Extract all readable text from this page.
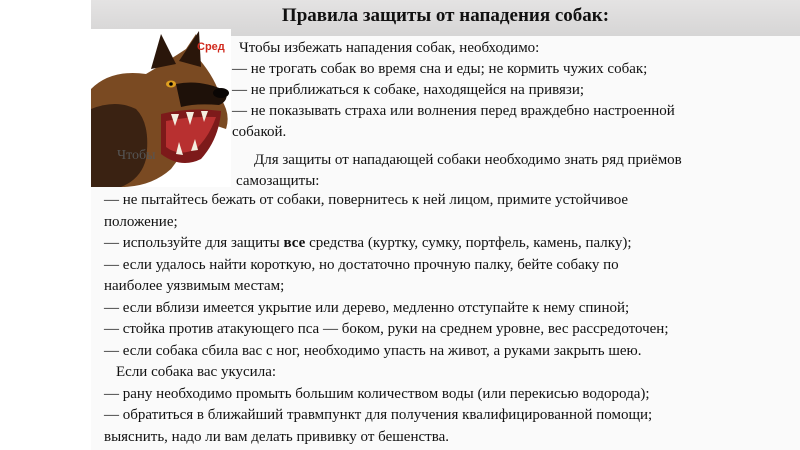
Правила защиты от нападения собак:
Сред
Чтобы

Чтобы избежать нападения собак, необходимо:

— не трогать собак во время сна и еды; не кормить чужих собак;

— не приближаться к собаке, находящейся на привязи;

— не показывать страха или волнения перед враждебно настроенной

собакой.

Для защиты от нападающей собаки необходимо знать ряд приёмов

самозащиты:

— не пытайтесь бежать от собаки, повернитесь к ней лицом, примите устойчивое

положение;

— используйте для защиты все средства (куртку, сумку, портфель, камень, палку);

— если удалось найти короткую, но достаточно прочную палку, бейте собаку по

наиболее уязвимым местам;

— если вблизи имеется укрытие или дерево, медленно отступайте к нему спиной;

— стойка против атакующего пса — боком, руки на среднем уровне, вес рассредоточен;

— если собака сбила вас с ног, необходимо упасть на живот, а руками закрыть шею.

Если собака вас укусила:

— рану необходимо промыть большим количеством воды (или перекисью водорода);

— обратиться в ближайший травмпункт для получения квалифицированной помощи;

выяснить, надо ли вам делать прививку от бешенства.
